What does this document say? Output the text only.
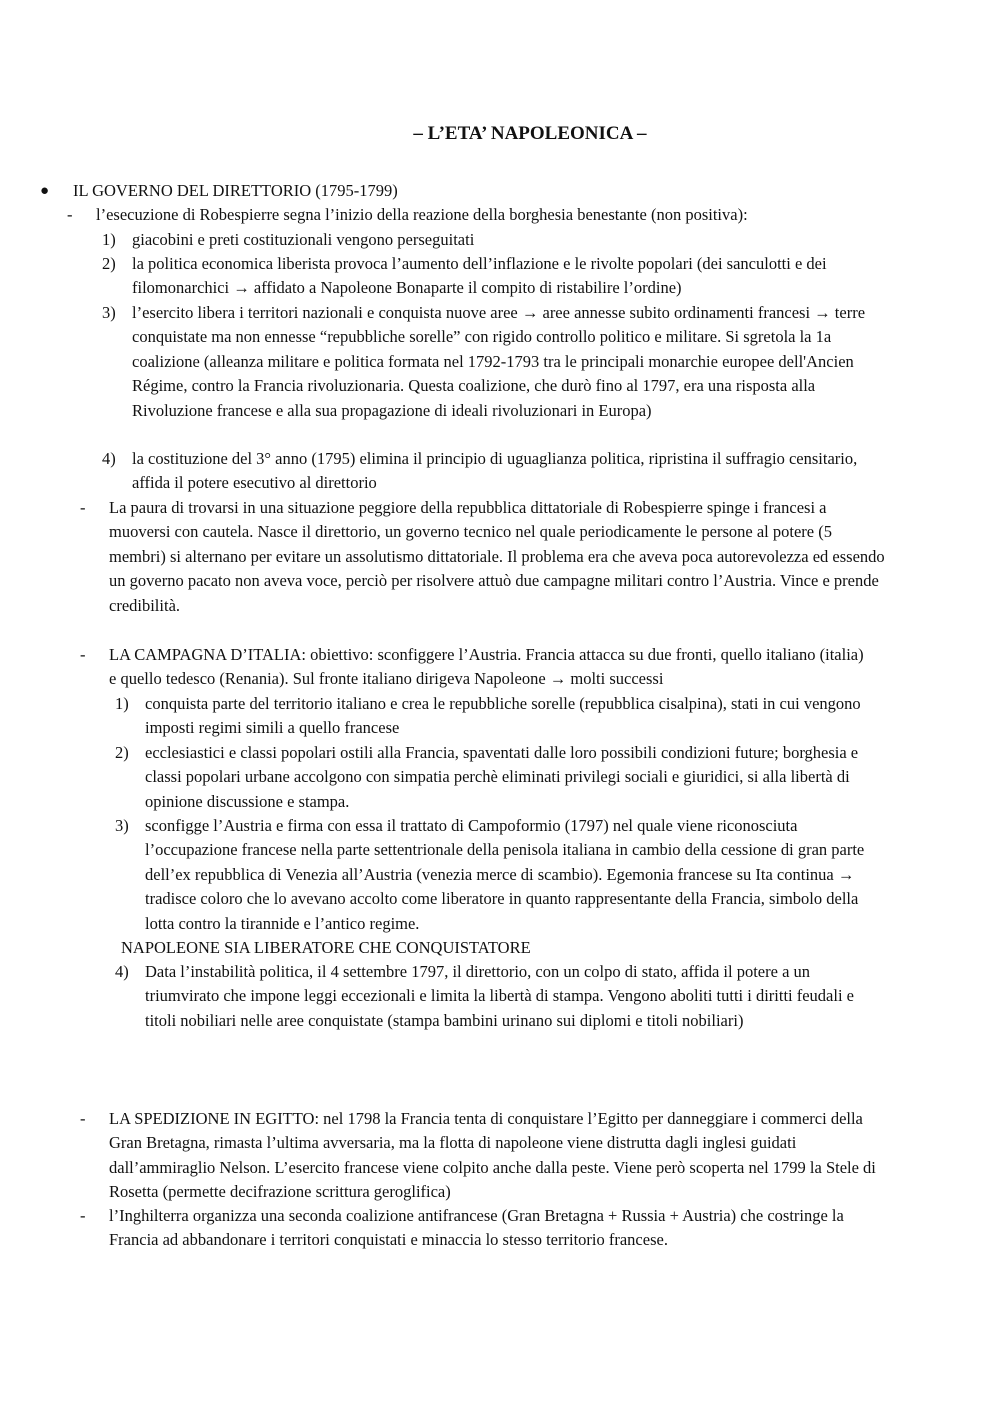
– L’ETA’ NAPOLEONICA –
● IL GOVERNO DEL DIRETTORIO (1795-1799)
- l’esecuzione di Robespierre segna l’inizio della reazione della borghesia benestante (non positiva):
1) giacobini e preti costituzionali vengono perseguitati
2) la politica economica liberista provoca l’aumento dell’inflazione e le rivolte popolari (dei sanculotti e dei filomonarchici → affidato a Napoleone Bonaparte il compito di ristabilire l’ordine)
3) l’esercito libera i territori nazionali e conquista nuove aree → aree annesse subito ordinamenti francesi → terre conquistate ma non ennesse “repubbliche sorelle” con rigido controllo politico e militare. Si sgretola la 1a coalizione (alleanza militare e politica formata nel 1792-1793 tra le principali monarchie europee dell'Ancien Régime, contro la Francia rivoluzionaria. Questa coalizione, che durò fino al 1797, era una risposta alla Rivoluzione francese e alla sua propagazione di ideali rivoluzionari in Europa)
4) la costituzione del 3° anno (1795) elimina il principio di uguaglianza politica, ripristina il suffragio censitario, affida il potere esecutivo al direttorio
- La paura di trovarsi in una situazione peggiore della repubblica dittatoriale di Robespierre spinge i francesi a muoversi con cautela. Nasce il direttorio, un governo tecnico nel quale periodicamente le persone al potere (5 membri) si alternano per evitare un assolutismo dittatoriale. Il problema era che aveva poca autorevolezza ed essendo un governo pacato non aveva voce, perciò per risolvere attuò due campagne militari contro l’Austria. Vince e prende credibilità.
- LA CAMPAGNA D’ITALIA: obiettivo: sconfiggere l’Austria. Francia attacca su due fronti, quello italiano (italia) e quello tedesco (Renania). Sul fronte italiano dirigeva Napoleone → molti successi
1) conquista parte del territorio italiano e crea le repubbliche sorelle (repubblica cisalpina), stati in cui vengono imposti regimi simili a quello francese
2) ecclesiastici e classi popolari ostili alla Francia, spaventati dalle loro possibili condizioni future; borghesia e classi popolari urbane accolgono con simpatia perchè eliminati privilegi sociali e giuridici, si alla libertà di opinione discussione e stampa.
3) sconfigge l’Austria e firma con essa il trattato di Campoformio (1797) nel quale viene riconosciuta l’occupazione francese nella parte settentrionale della penisola italiana in cambio della cessione di gran parte dell’ex repubblica di Venezia all’Austria (venezia merce di scambio). Egemonia francese su Ita continua → tradisce coloro che lo avevano accolto come liberatore in quanto rappresentante della Francia, simbolo della lotta contro la tirannide e l’antico regime.
NAPOLEONE SIA LIBERATORE CHE CONQUISTATORE
4) Data l’instabilità politica, il 4 settembre 1797, il direttorio, con un colpo di stato, affida il potere a un triumvirato che impone leggi eccezionali e limita la libertà di stampa. Vengono aboliti tutti i diritti feudali e titoli nobiliari nelle aree conquistate (stampa bambini urinano sui diplomi e titoli nobiliari)
- LA SPEDIZIONE IN EGITTO: nel 1798 la Francia tenta di conquistare l’Egitto per danneggiare i commerci della Gran Bretagna, rimasta l’ultima avversaria, ma la flotta di napoleone viene distrutta dagli inglesi guidati dall’ammiraglio Nelson. L’esercito francese viene colpito anche dalla peste. Viene però scoperta nel 1799 la Stele di Rosetta (permette decifrazione scrittura geroglifica)
- l’Inghilterra organizza una seconda coalizione antifrancese (Gran Bretagna + Russia + Austria) che costringe la Francia ad abbandonare i territori conquistati e minaccia lo stesso territorio francese.
